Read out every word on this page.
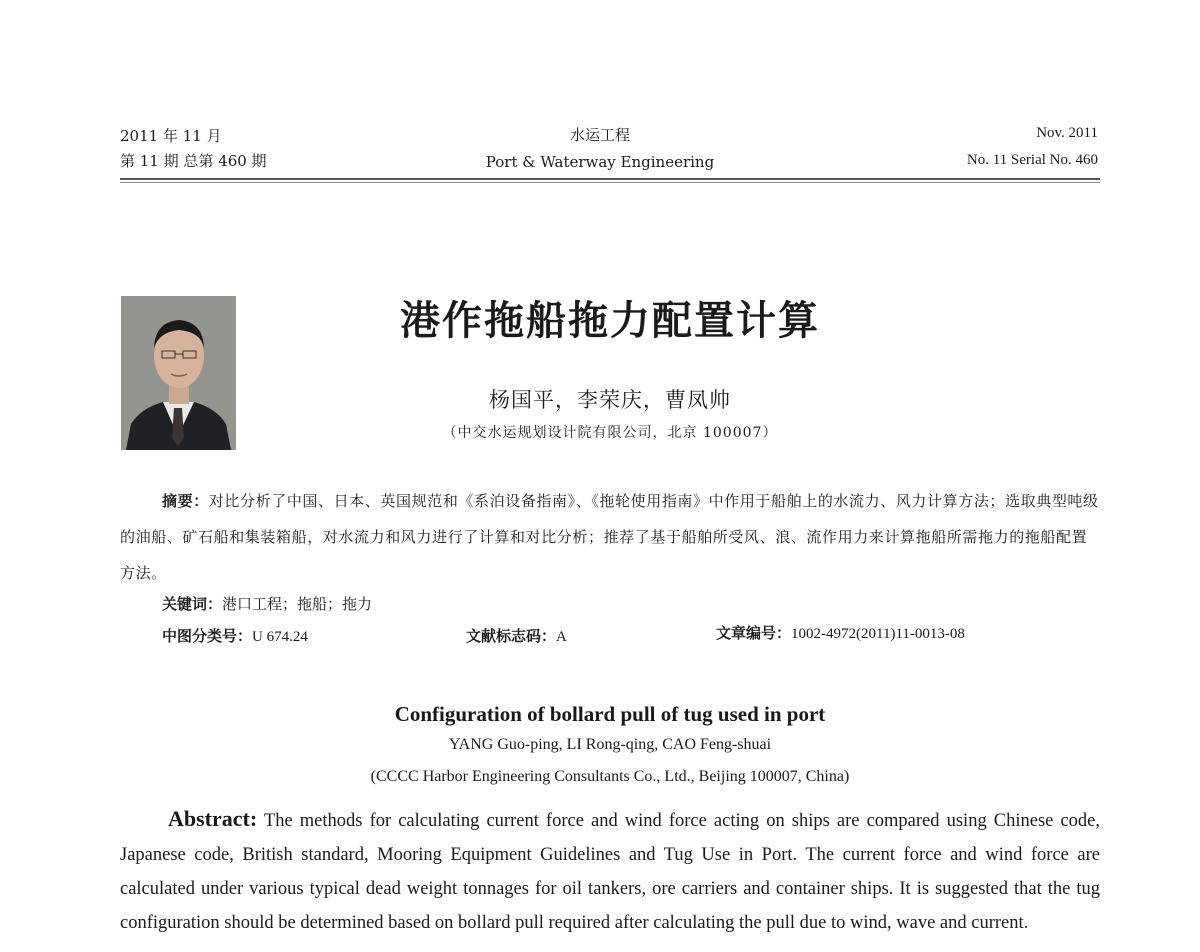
2011 年 11 月
第 11 期 总第 460 期
水运工程
Port & Waterway Engineering
Nov. 2011
No. 11 Serial No. 460
港作拖船拖力配置计算
杨国平，李荣庆，曹凤帅
（中交水运规划设计院有限公司，北京 100007）
摘要：对比分析了中国、日本、英国规范和《系泊设备指南》、《拖轮使用指南》中作用于船舶上的水流力、风力计算方法；选取典型吨级的油船、矿石船和集装箱船，对水流力和风力进行了计算和对比分析；推荐了基于船舶所受风、浪、流作用力来计算拖船所需拖力的拖船配置方法。
关键词：港口工程；拖船；拖力
中图分类号：U 674.24	文献标志码：A	文章编号：1002-4972(2011)11-0013-08
Configuration of bollard pull of tug used in port
YANG Guo-ping, LI Rong-qing, CAO Feng-shuai
(CCCC Harbor Engineering Consultants Co., Ltd., Beijing 100007, China)
Abstract: The methods for calculating current force and wind force acting on ships are compared using Chinese code, Japanese code, British standard, Mooring Equipment Guidelines and Tug Use in Port. The current force and wind force are calculated under various typical dead weight tonnages for oil tankers, ore carriers and container ships. It is suggested that the tug configuration should be determined based on bollard pull required after calculating the pull due to wind, wave and current.
